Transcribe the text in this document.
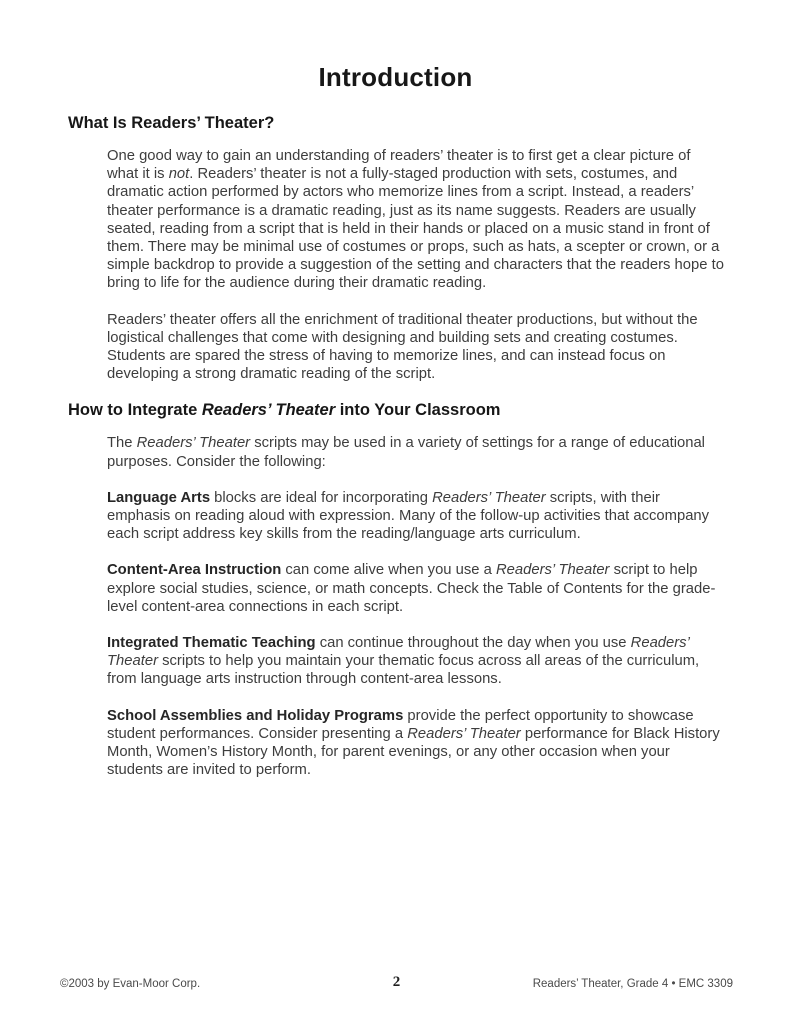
Introduction
What Is Readers’ Theater?

One good way to gain an understanding of readers’ theater is to first get a clear picture of what it is not. Readers’ theater is not a fully-staged production with sets, costumes, and dramatic action performed by actors who memorize lines from a script. Instead, a readers’ theater performance is a dramatic reading, just as its name suggests. Readers are usually seated, reading from a script that is held in their hands or placed on a music stand in front of them. There may be minimal use of costumes or props, such as hats, a scepter or crown, or a simple backdrop to provide a suggestion of the setting and characters that the readers hope to bring to life for the audience during their dramatic reading.

Readers’ theater offers all the enrichment of traditional theater productions, but without the logistical challenges that come with designing and building sets and creating costumes. Students are spared the stress of having to memorize lines, and can instead focus on developing a strong dramatic reading of the script.

How to Integrate Readers’ Theater into Your Classroom

The Readers’ Theater scripts may be used in a variety of settings for a range of educational purposes. Consider the following:

Language Arts blocks are ideal for incorporating Readers’ Theater scripts, with their emphasis on reading aloud with expression. Many of the follow-up activities that accompany each script address key skills from the reading/language arts curriculum.

Content-Area Instruction can come alive when you use a Readers’ Theater script to help explore social studies, science, or math concepts. Check the Table of Contents for the grade-level content-area connections in each script.

Integrated Thematic Teaching can continue throughout the day when you use Readers’ Theater scripts to help you maintain your thematic focus across all areas of the curriculum, from language arts instruction through content-area lessons.

School Assemblies and Holiday Programs provide the perfect opportunity to showcase student performances. Consider presenting a Readers’ Theater performance for Black History Month, Women’s History Month, for parent evenings, or any other occasion when your students are invited to perform.

©2003 by Evan-Moor Corp.	2	Readers’ Theater, Grade 4 • EMC 3309
